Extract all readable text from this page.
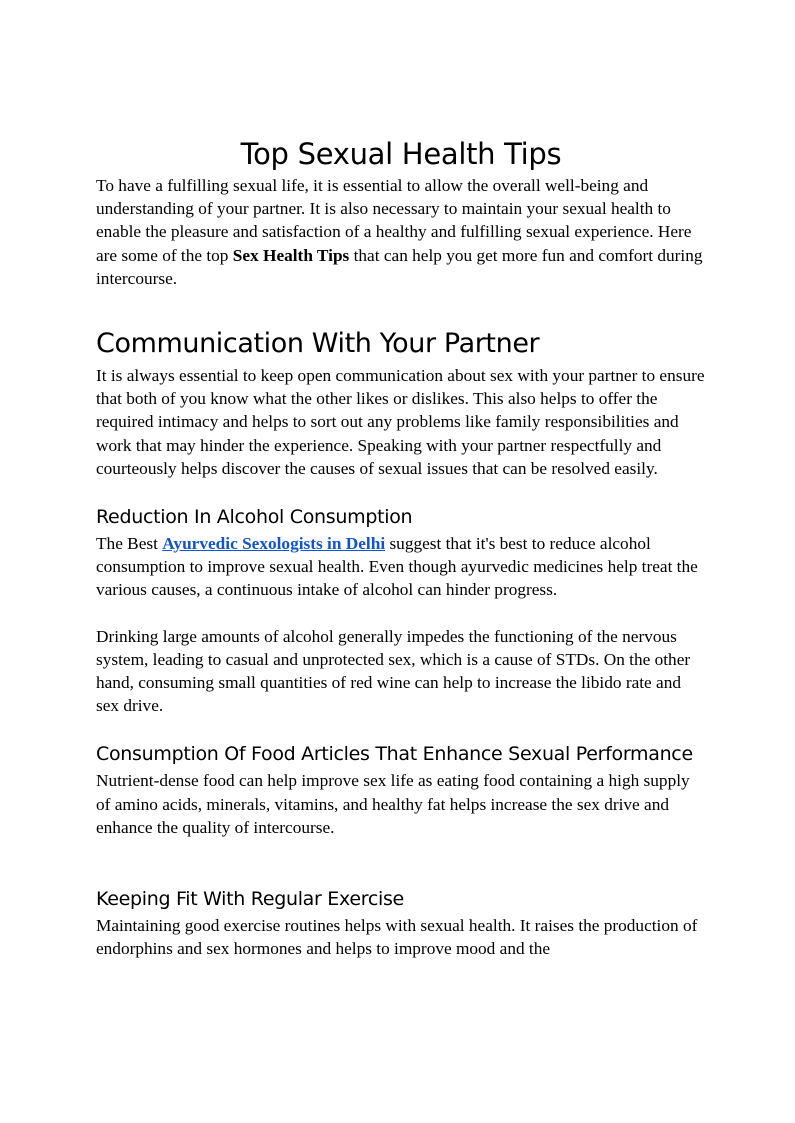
Top Sexual Health Tips

To have a fulfilling sexual life, it is essential to allow the overall well-being and understanding of your partner. It is also necessary to maintain your sexual health to enable the pleasure and satisfaction of a healthy and fulfilling sexual experience. Here are some of the top Sex Health Tips that can help you get more fun and comfort during intercourse.

Communication With Your Partner

It is always essential to keep open communication about sex with your partner to ensure that both of you know what the other likes or dislikes. This also helps to offer the required intimacy and helps to sort out any problems like family responsibilities and work that may hinder the experience. Speaking with your partner respectfully and courteously helps discover the causes of sexual issues that can be resolved easily.

Reduction In Alcohol Consumption

The Best Ayurvedic Sexologists in Delhi suggest that it's best to reduce alcohol consumption to improve sexual health. Even though ayurvedic medicines help treat the various causes, a continuous intake of alcohol can hinder progress.

Drinking large amounts of alcohol generally impedes the functioning of the nervous system, leading to casual and unprotected sex, which is a cause of STDs. On the other hand, consuming small quantities of red wine can help to increase the libido rate and sex drive.

Consumption Of Food Articles That Enhance Sexual Performance

Nutrient-dense food can help improve sex life as eating food containing a high supply of amino acids, minerals, vitamins, and healthy fat helps increase the sex drive and enhance the quality of intercourse.

Keeping Fit With Regular Exercise

Maintaining good exercise routines helps with sexual health. It raises the production of endorphins and sex hormones and helps to improve mood and the
